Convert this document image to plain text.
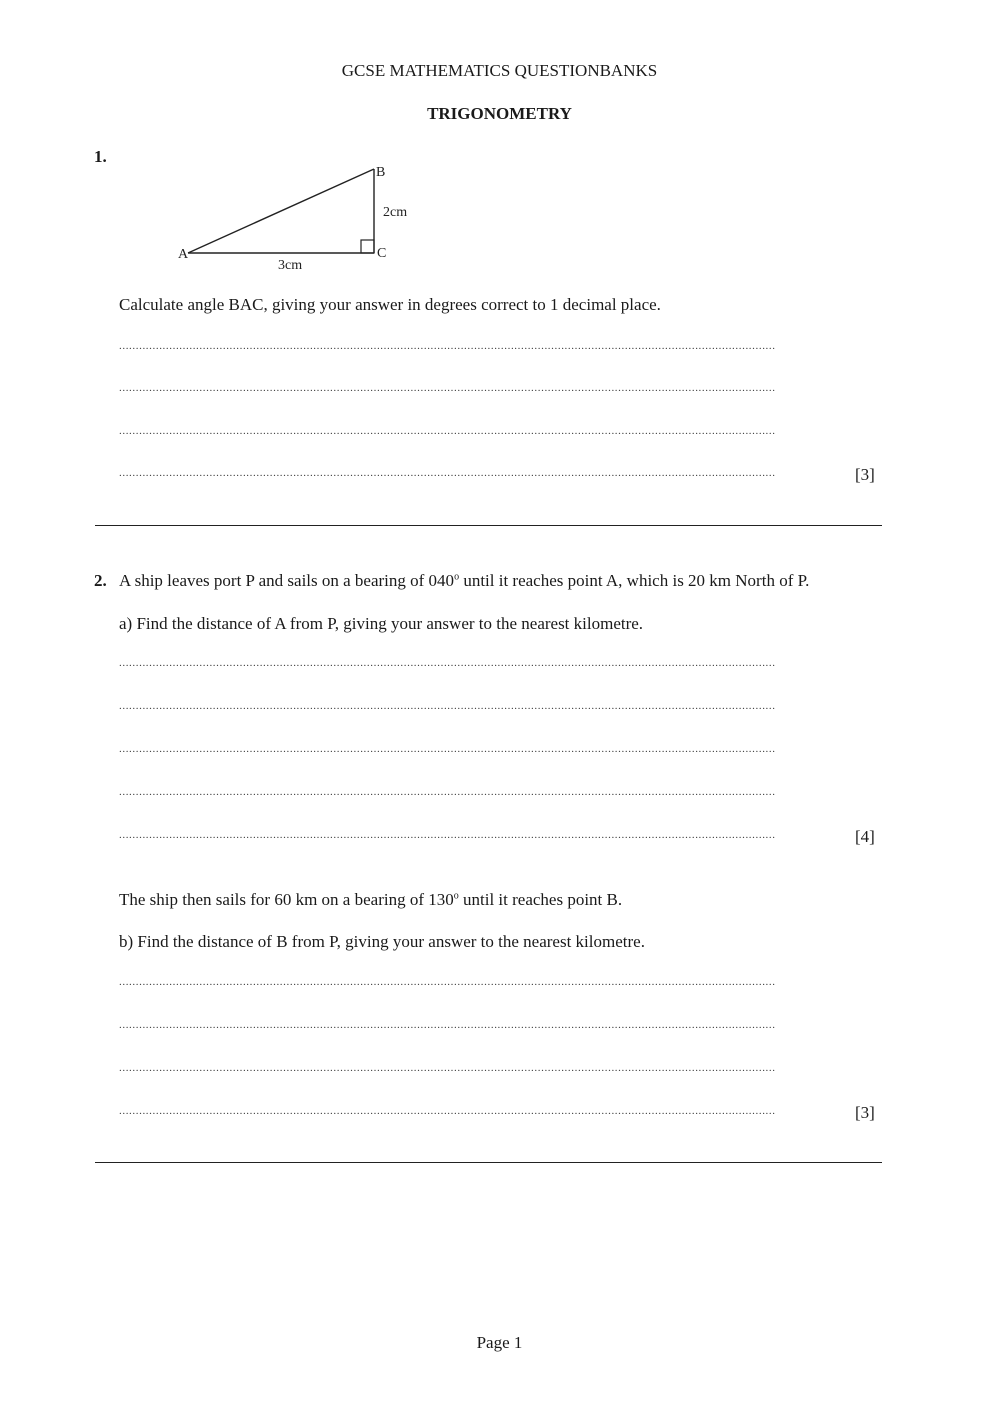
GCSE MATHEMATICS QUESTIONBANKS
TRIGONOMETRY
1.
A
B
C
2cm
3cm
Calculate angle BAC, giving your answer in degrees correct to 1 decimal place.
....................................................................................................................................................................................................
....................................................................................................................................................................................................
....................................................................................................................................................................................................
....................................................................................................................................................................................................	[3]
2. A ship leaves port P and sails on a bearing of 040$^o$ until it reaches point A, which is 20 km North of P.
a) Find the distance of A from P, giving your answer to the nearest kilometre.
....................................................................................................................................................................................................
....................................................................................................................................................................................................
....................................................................................................................................................................................................
....................................................................................................................................................................................................
....................................................................................................................................................................................................	[4]
The ship then sails for 60 km on a bearing of 130$^o$ until it reaches point B.
b) Find the distance of B from P, giving your answer to the nearest kilometre.
....................................................................................................................................................................................................
....................................................................................................................................................................................................
....................................................................................................................................................................................................
....................................................................................................................................................................................................	[3]
Page 1
